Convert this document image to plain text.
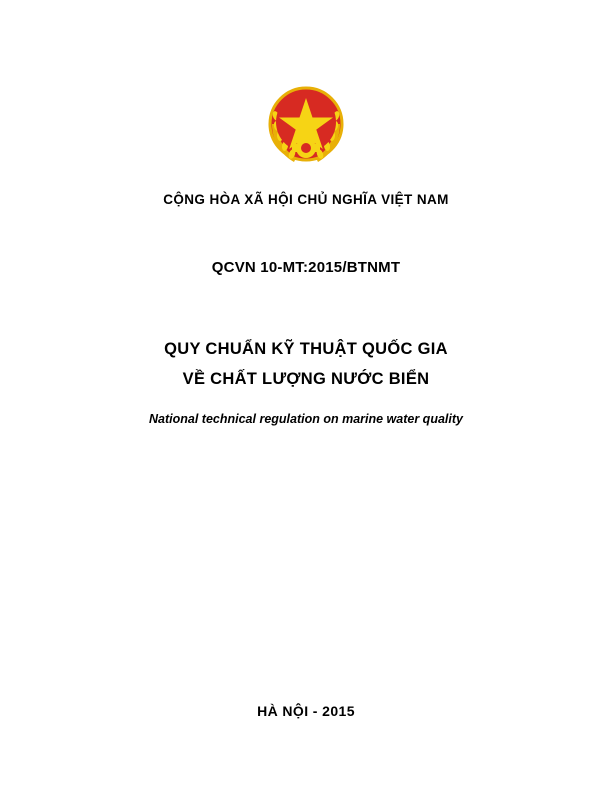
CỘNG HÒA XÃ HỘI CHỦ NGHĨA VIỆT NAM
QCVN 10-MT:2015/BTNMT
QUY CHUẨN KỸ THUẬT QUỐC GIA
VỀ CHẤT LƯỢNG NƯỚC BIỂN
National technical regulation on marine water quality
HÀ NỘI - 2015
